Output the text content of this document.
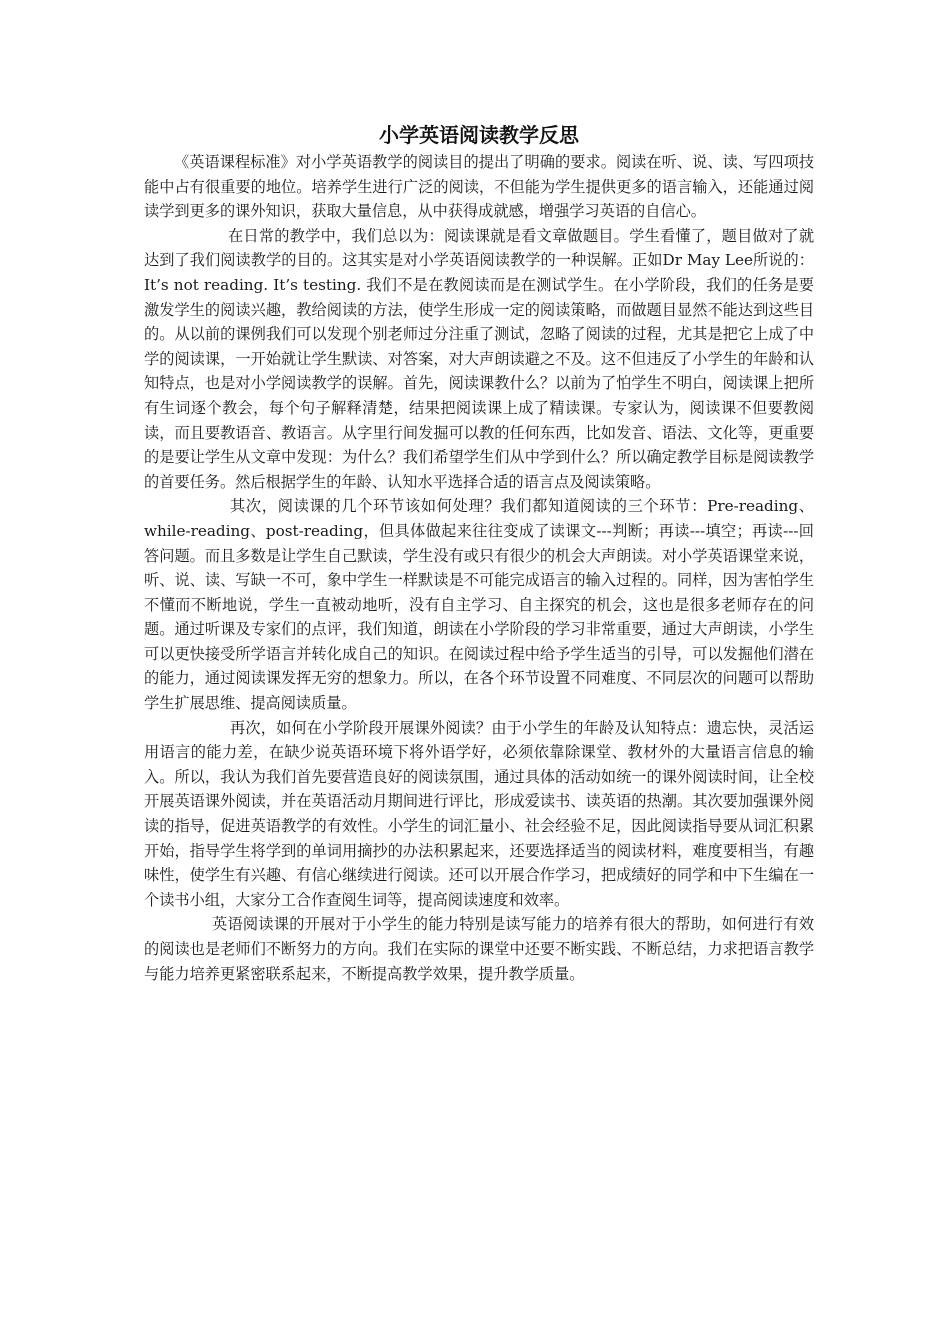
小学英语阅读教学反思

《英语课程标准》对小学英语教学的阅读目的提出了明确的要求。阅读在听、说、读、写四项技能中占有很重要的地位。培养学生进行广泛的阅读，不但能为学生提供更多的语言输入，还能通过阅读学到更多的课外知识，获取大量信息，从中获得成就感，增强学习英语的自信心。

在日常的教学中，我们总以为：阅读课就是看文章做题目。学生看懂了，题目做对了就达到了我们阅读教学的目的。这其实是对小学英语阅读教学的一种误解。正如Dr May Lee所说的：It’s not reading. It’s testing. 我们不是在教阅读而是在测试学生。在小学阶段，我们的任务是要激发学生的阅读兴趣，教给阅读的方法，使学生形成一定的阅读策略，而做题目显然不能达到这些目的。从以前的课例我们可以发现个别老师过分注重了测试，忽略了阅读的过程，尤其是把它上成了中学的阅读课，一开始就让学生默读、对答案，对大声朗读避之不及。这不但违反了小学生的年龄和认知特点，也是对小学阅读教学的误解。首先，阅读课教什么？以前为了怕学生不明白，阅读课上把所有生词逐个教会，每个句子解释清楚，结果把阅读课上成了精读课。专家认为，阅读课不但要教阅读，而且要教语音、教语言。从字里行间发掘可以教的任何东西，比如发音、语法、文化等，更重要的是要让学生从文章中发现：为什么？我们希望学生们从中学到什么？所以确定教学目标是阅读教学的首要任务。然后根据学生的年龄、认知水平选择合适的语言点及阅读策略。

其次，阅读课的几个环节该如何处理？我们都知道阅读的三个环节：Pre-reading、while-reading、post-reading，但具体做起来往往变成了读课文---判断；再读---填空；再读---回答问题。而且多数是让学生自己默读，学生没有或只有很少的机会大声朗读。对小学英语课堂来说，听、说、读、写缺一不可，象中学生一样默读是不可能完成语言的输入过程的。同样，因为害怕学生不懂而不断地说，学生一直被动地听，没有自主学习、自主探究的机会，这也是很多老师存在的问题。通过听课及专家们的点评，我们知道，朗读在小学阶段的学习非常重要，通过大声朗读，小学生可以更快接受所学语言并转化成自己的知识。在阅读过程中给予学生适当的引导，可以发掘他们潜在的能力，通过阅读课发挥无穷的想象力。所以，在各个环节设置不同难度、不同层次的问题可以帮助学生扩展思维、提高阅读质量。

再次，如何在小学阶段开展课外阅读？由于小学生的年龄及认知特点：遗忘快，灵活运用语言的能力差，在缺少说英语环境下将外语学好，必须依靠除课堂、教材外的大量语言信息的输入。所以，我认为我们首先要营造良好的阅读氛围，通过具体的活动如统一的课外阅读时间，让全校开展英语课外阅读，并在英语活动月期间进行评比，形成爱读书、读英语的热潮。其次要加强课外阅读的指导，促进英语教学的有效性。小学生的词汇量小、社会经验不足，因此阅读指导要从词汇积累开始，指导学生将学到的单词用摘抄的办法积累起来，还要选择适当的阅读材料，难度要相当，有趣味性，使学生有兴趣、有信心继续进行阅读。还可以开展合作学习，把成绩好的同学和中下生编在一个读书小组，大家分工合作查阅生词等，提高阅读速度和效率。

英语阅读课的开展对于小学生的能力特别是读写能力的培养有很大的帮助，如何进行有效的阅读也是老师们不断努力的方向。我们在实际的课堂中还要不断实践、不断总结，力求把语言教学与能力培养更紧密联系起来，不断提高教学效果，提升教学质量。
